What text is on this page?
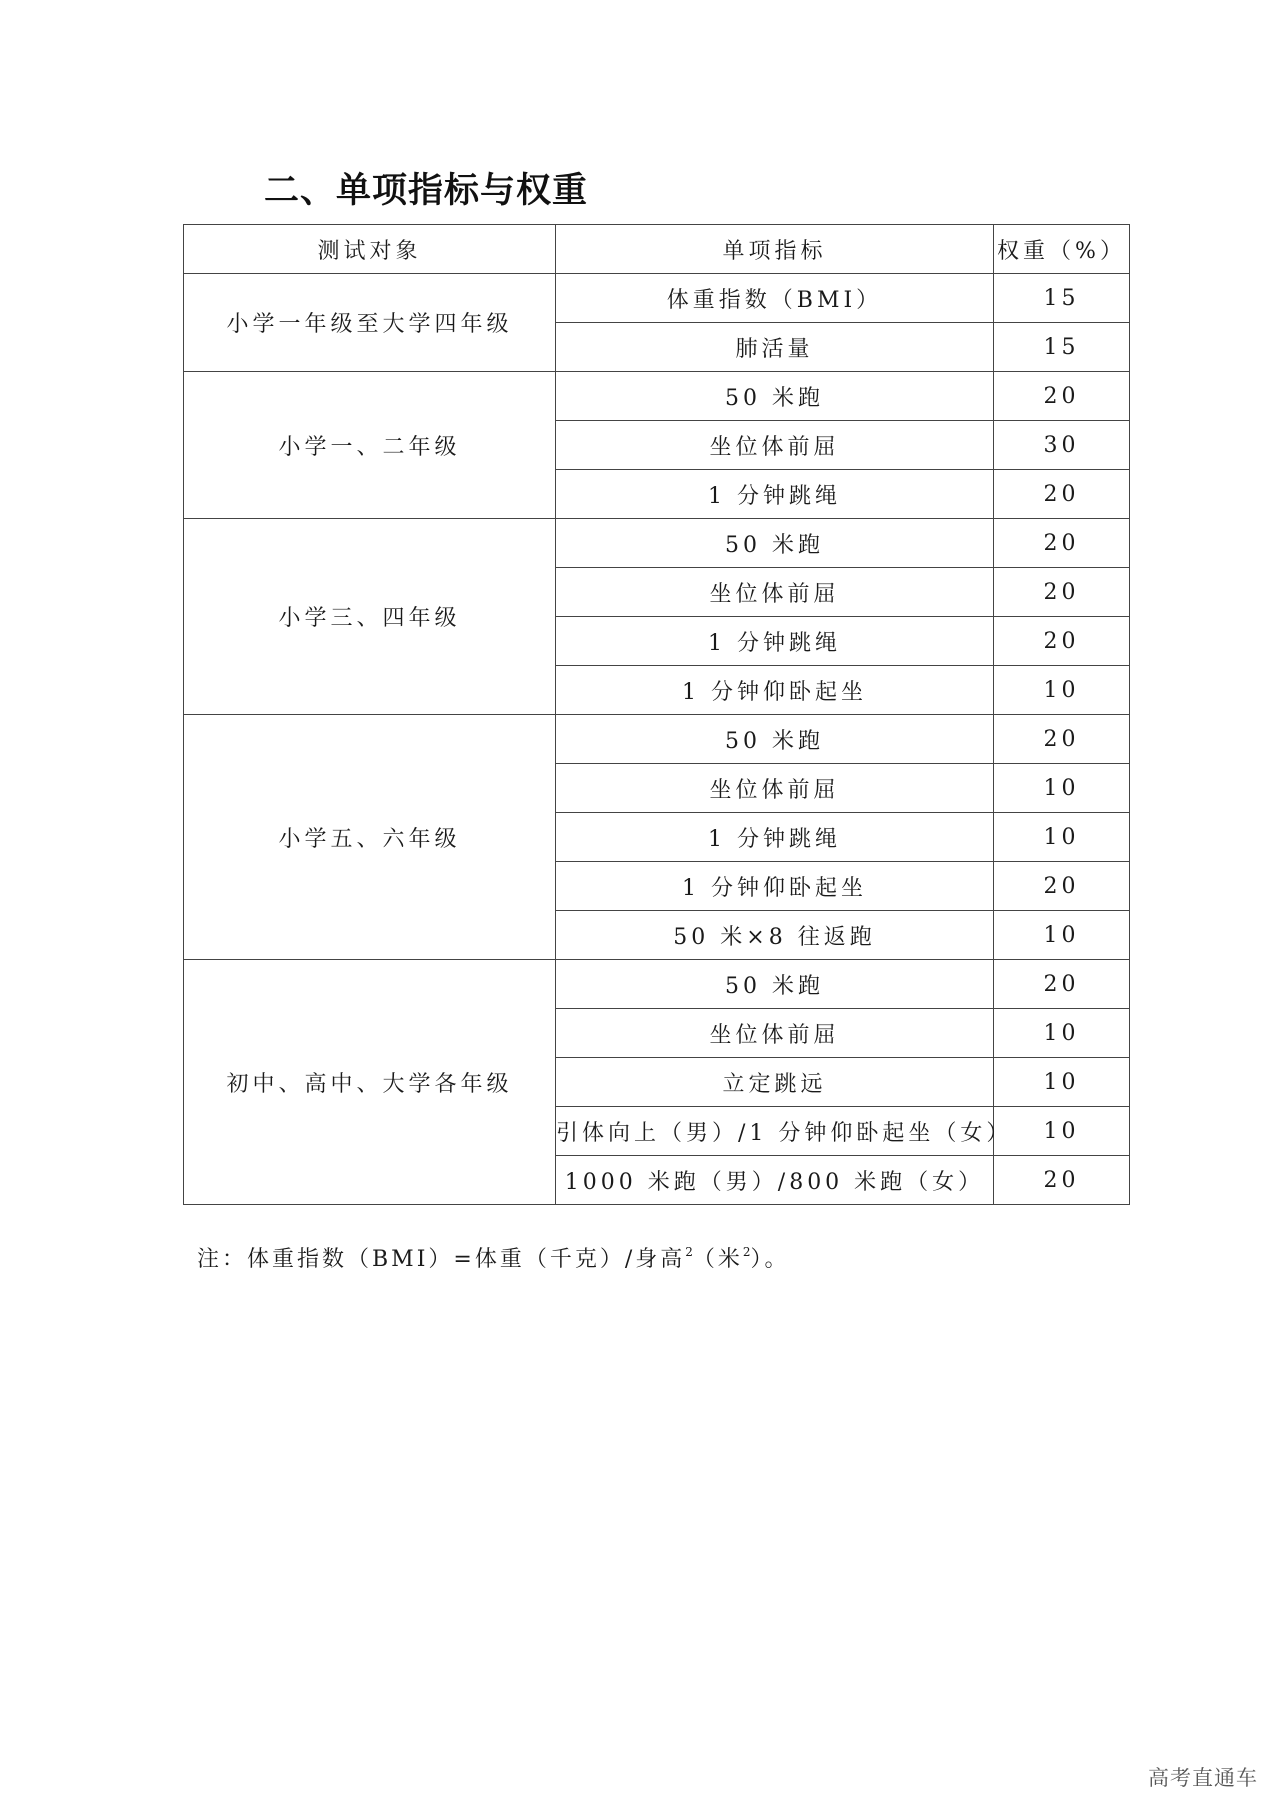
二、单项指标与权重
测试对象	单项指标	权重（%）
小学一年级至大学四年级	体重指数（BMI）	15
	肺活量	15
小学一、二年级	50 米跑	20
	坐位体前屈	30
	1 分钟跳绳	20
小学三、四年级	50 米跑	20
	坐位体前屈	20
	1 分钟跳绳	20
	1 分钟仰卧起坐	10
小学五、六年级	50 米跑	20
	坐位体前屈	10
	1 分钟跳绳	10
	1 分钟仰卧起坐	20
	50 米×8 往返跑	10
初中、高中、大学各年级	50 米跑	20
	坐位体前屈	10
	立定跳远	10
	引体向上（男）/1 分钟仰卧起坐（女）	10
	1000 米跑（男）/800 米跑（女）	20
注：体重指数（BMI）=体重（千克）/身高$^2$（米$^2$）。
高考直通车
